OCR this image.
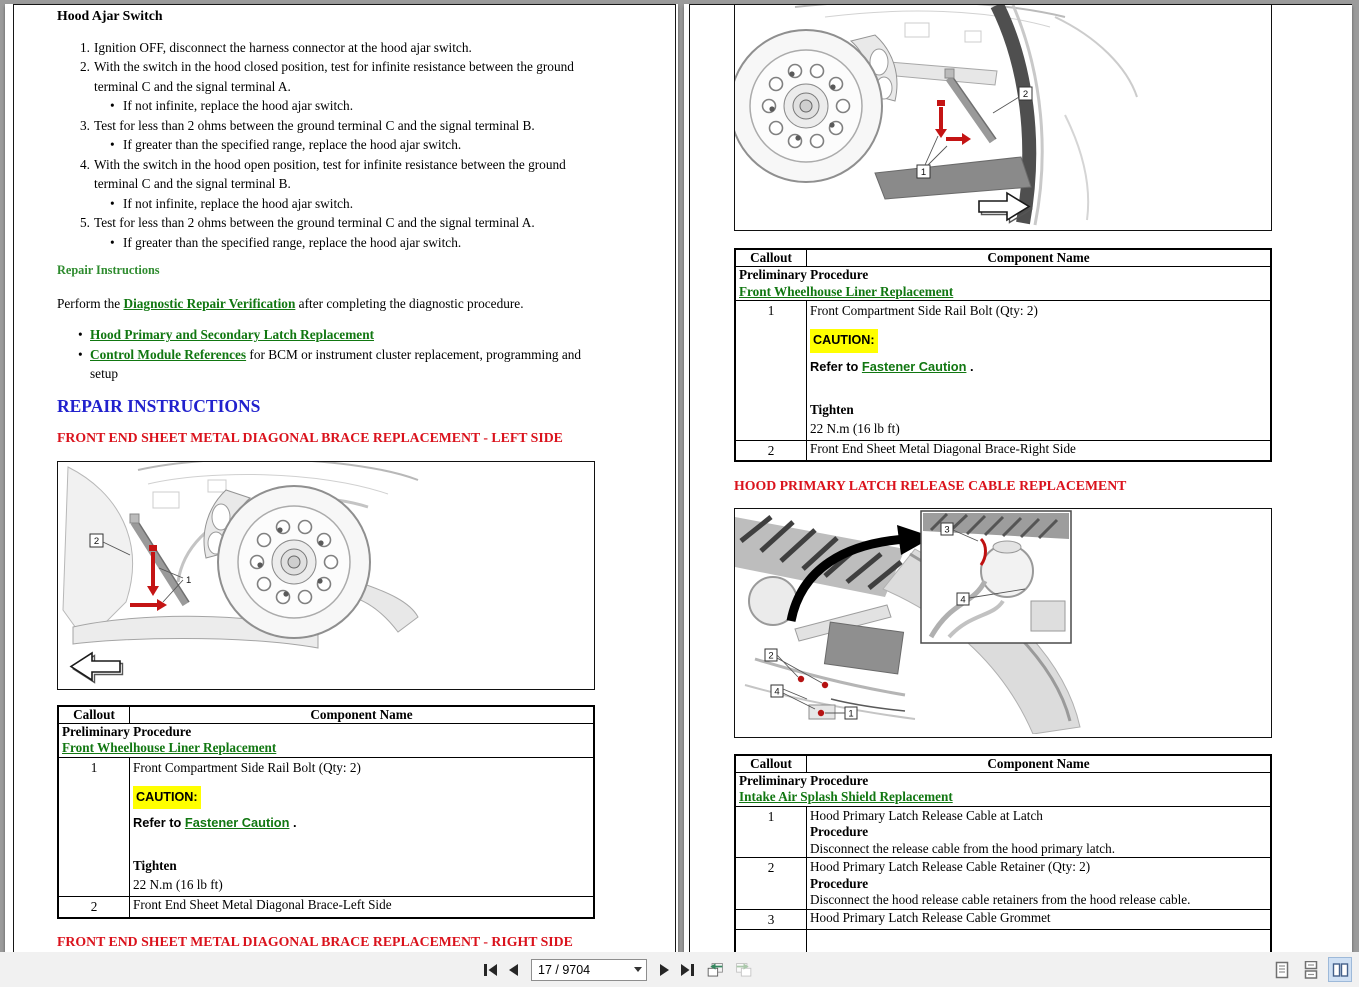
Hood Ajar Switch
1. Ignition OFF, disconnect the harness connector at the hood ajar switch.
2. With the switch in the hood closed position, test for infinite resistance between the ground terminal C and the signal terminal A.
• If not infinite, replace the hood ajar switch.
3. Test for less than 2 ohms between the ground terminal C and the signal terminal B.
• If greater than the specified range, replace the hood ajar switch.
4. With the switch in the hood open position, test for infinite resistance between the ground terminal C and the signal terminal B.
• If not infinite, replace the hood ajar switch.
5. Test for less than 2 ohms between the ground terminal C and the signal terminal A.
• If greater than the specified range, replace the hood ajar switch.
Repair Instructions
Perform the Diagnostic Repair Verification after completing the diagnostic procedure.
• Hood Primary and Secondary Latch Replacement
• Control Module References for BCM or instrument cluster replacement, programming and setup
REPAIR INSTRUCTIONS
FRONT END SHEET METAL DIAGONAL BRACE REPLACEMENT - LEFT SIDE
2
1
Callout	Component Name

Preliminary Procedure
Front Wheelhouse Liner Replacement	

1	Front Compartment Side Rail Bolt (Qty: 2)
CAUTION:
Refer to Fastener Caution .
Tighten
22 N.m (16 lb ft)

2	Front End Sheet Metal Diagonal Brace-Left Side
FRONT END SHEET METAL DIAGONAL BRACE REPLACEMENT - RIGHT SIDE
2
1
Callout	Component Name

Preliminary Procedure
Front Wheelhouse Liner Replacement	

1	Front Compartment Side Rail Bolt (Qty: 2)
CAUTION:
Refer to Fastener Caution .
Tighten
22 N.m (16 lb ft)

2	Front End Sheet Metal Diagonal Brace-Right Side
HOOD PRIMARY LATCH RELEASE CABLE REPLACEMENT
3
4
2
4
1
Callout	Component Name

Preliminary Procedure
Intake Air Splash Shield Replacement	

1	Hood Primary Latch Release Cable at Latch
Procedure
Disconnect the release cable from the hood primary latch.

2	Hood Primary Latch Release Cable Retainer (Qty: 2)
Procedure
Disconnect the hood release cable retainers from the hood release cable.

3	Hood Primary Latch Release Cable Grommet

17 / 9704
